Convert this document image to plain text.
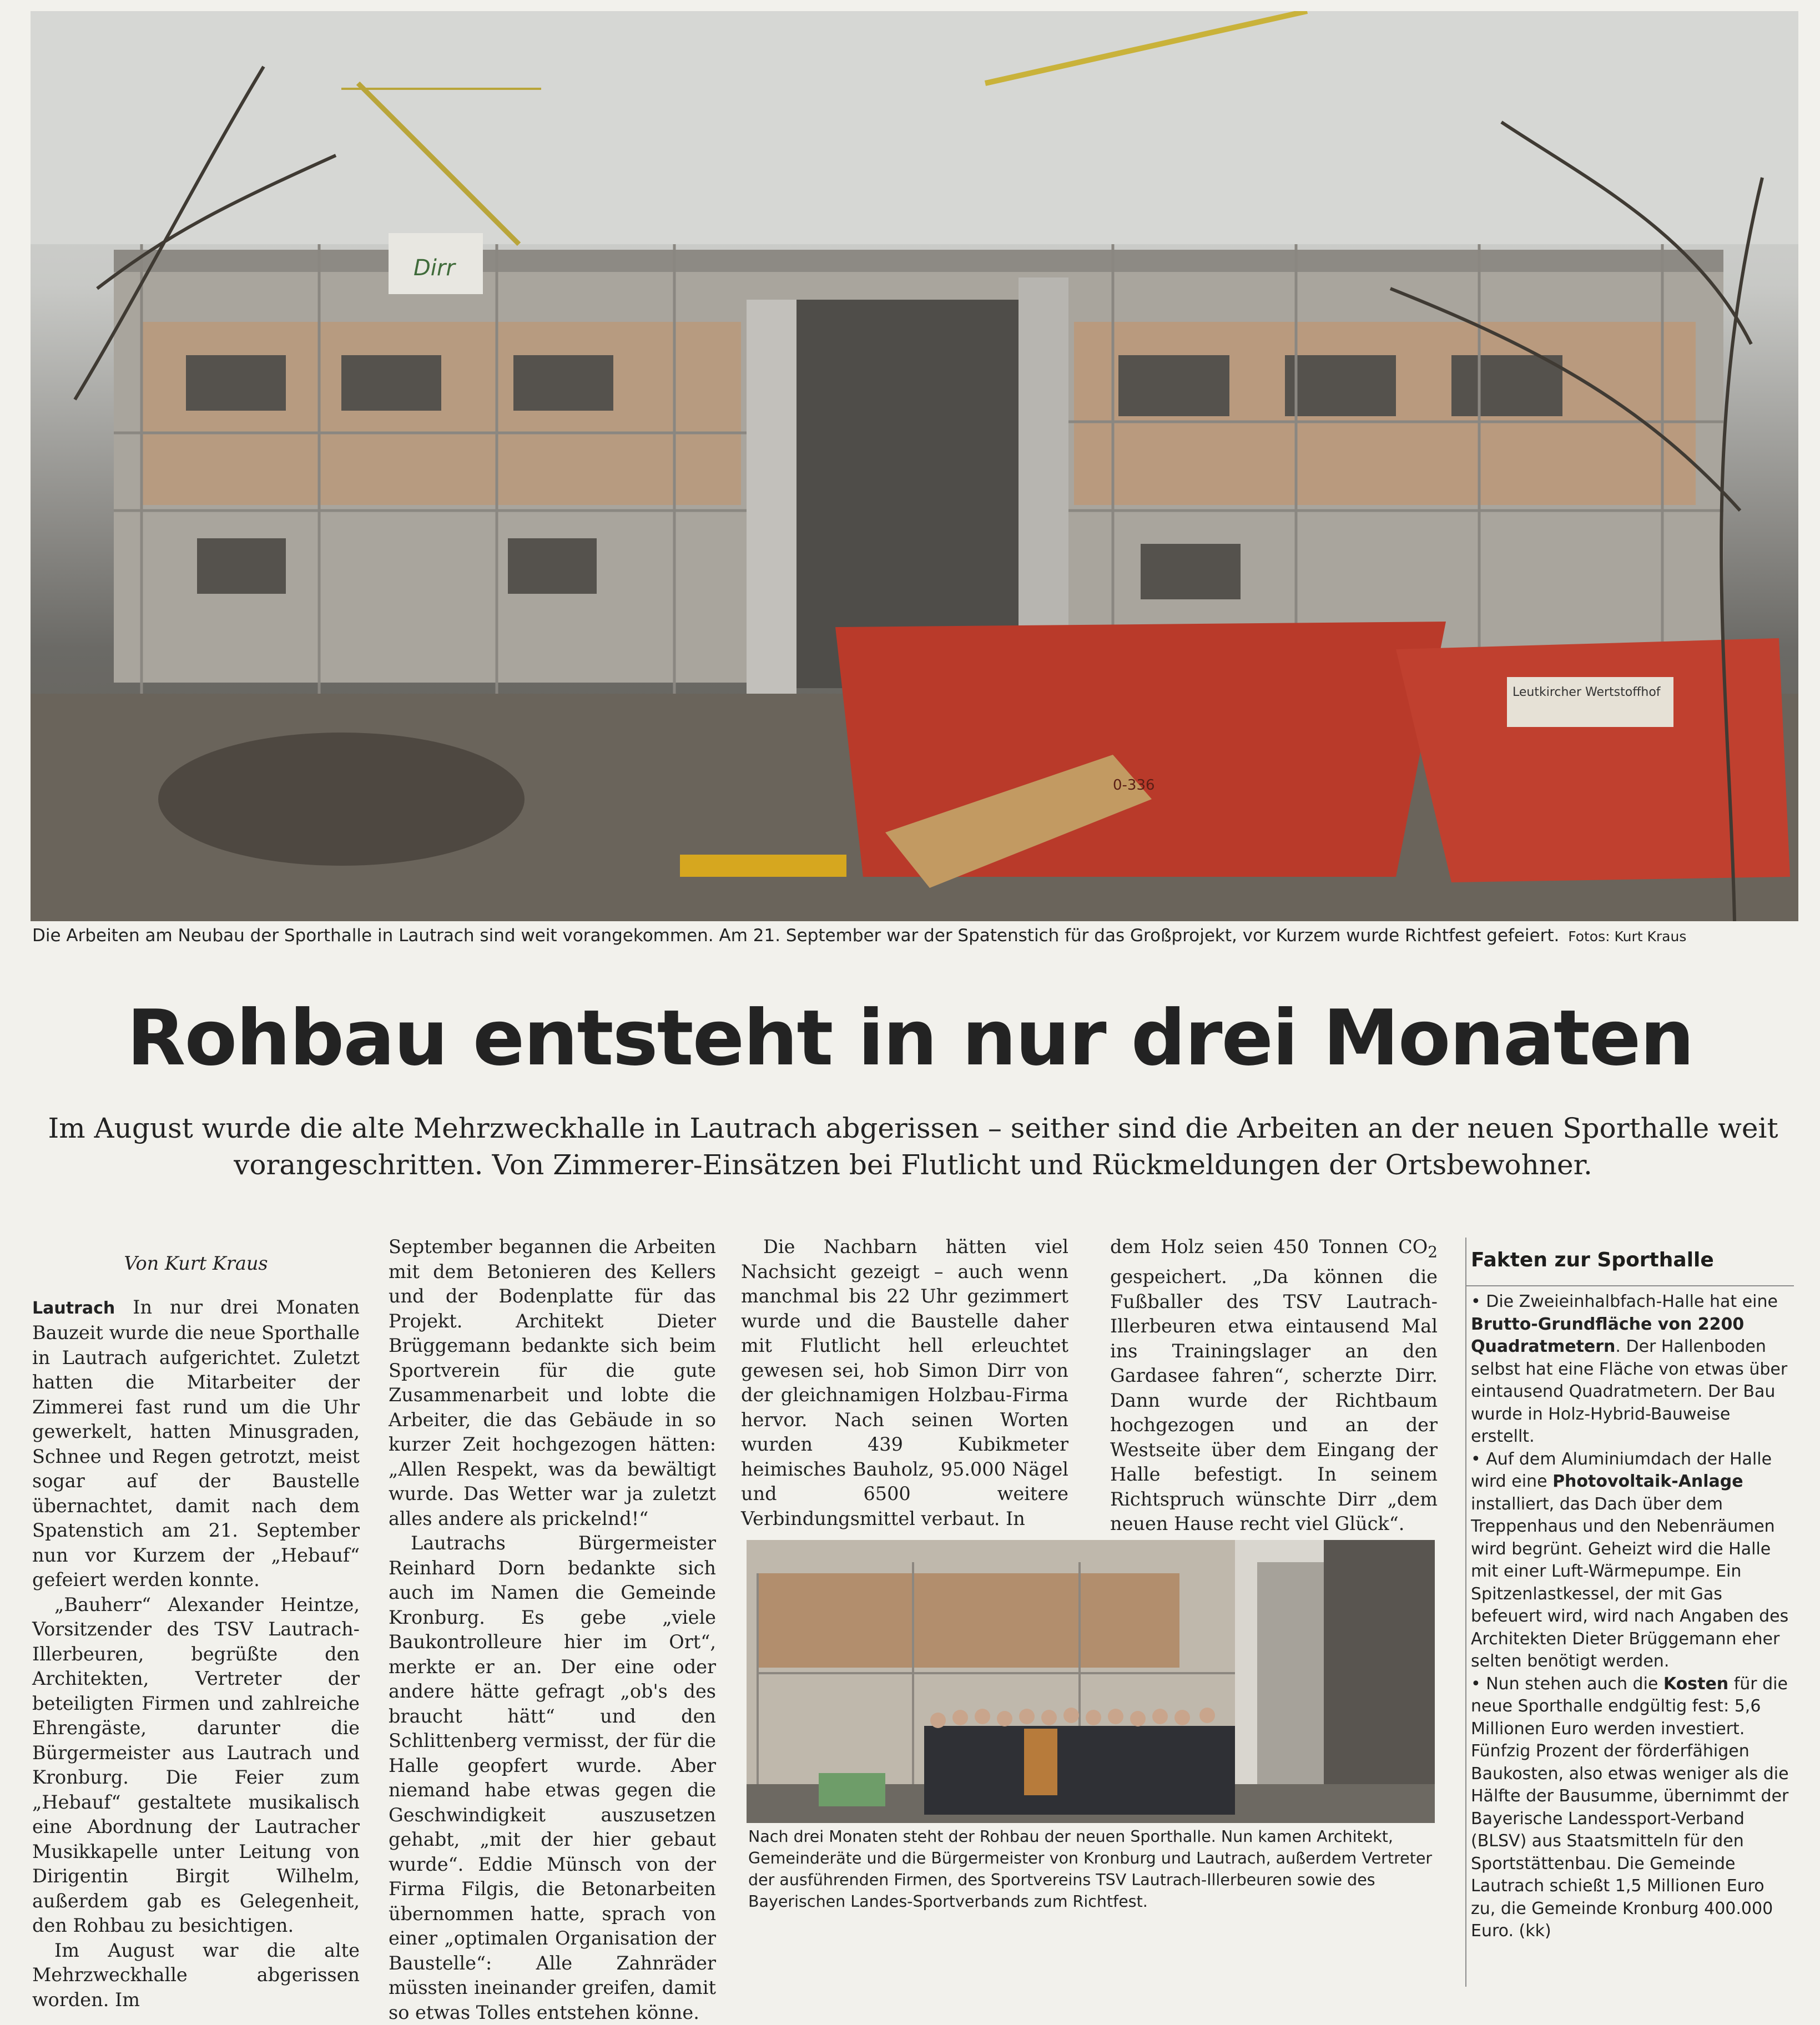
Dirr
Leutkircher Wertstoffhof
0-336
Die Arbeiten am Neubau der Sporthalle in Lautrach sind weit vorangekommen. Am 21. September war der Spatenstich für das Großprojekt, vor Kurzem wurde Richtfest gefeiert. Fotos: Kurt Kraus
Rohbau entsteht in nur drei Monaten
Im August wurde die alte Mehrzweckhalle in Lautrach abgerissen – seither sind die Arbeiten an der neuen Sporthalle weit vorangeschritten. Von Zimmerer-Einsätzen bei Flutlicht und Rückmeldungen der Ortsbewohner.
Von Kurt Kraus

Lautrach In nur drei Monaten Bauzeit wurde die neue Sporthalle in Lautrach aufgerichtet. Zuletzt hatten die Mitarbeiter der Zimmerei fast rund um die Uhr gewerkelt, hatten Minusgraden, Schnee und Regen getrotzt, meist sogar auf der Baustelle übernachtet, damit nach dem Spatenstich am 21. September nun vor Kurzem der „Hebauf“ gefeiert werden konnte.

„Bauherr“ Alexander Heintze, Vorsitzender des TSV Lautrach-Illerbeuren, begrüßte den Architekten, Vertreter der beteiligten Firmen und zahlreiche Ehrengäste, darunter die Bürgermeister aus Lautrach und Kronburg. Die Feier zum „Hebauf“ gestaltete musikalisch eine Abordnung der Lautracher Musikkapelle unter Leitung von Dirigentin Birgit Wilhelm, außerdem gab es Gelegenheit, den Rohbau zu besichtigen.

Im August war die alte Mehrzweckhalle abgerissen worden. Im

September begannen die Arbeiten mit dem Betonieren des Kellers und der Bodenplatte für das Projekt. Architekt Dieter Brüggemann bedankte sich beim Sportverein für die gute Zusammenarbeit und lobte die Arbeiter, die das Gebäude in so kurzer Zeit hochgezogen hätten: „Allen Respekt, was da bewältigt wurde. Das Wetter war ja zuletzt alles andere als prickelnd!“

Lautrachs Bürgermeister Reinhard Dorn bedankte sich auch im Namen die Gemeinde Kronburg. Es gebe „viele Baukontrolleure hier im Ort“, merkte er an. Der eine oder andere hätte gefragt „ob's des braucht hätt“ und den Schlittenberg vermisst, der für die Halle geopfert wurde. Aber niemand habe etwas gegen die Geschwindigkeit auszusetzen gehabt, „mit der hier gebaut wurde“. Eddie Münsch von der Firma Filgis, die Betonarbeiten übernommen hatte, sprach von einer „optimalen Organisation der Baustelle“: Alle Zahnräder müssten ineinander greifen, damit so etwas Tolles entstehen könne.

Die Nachbarn hätten viel Nachsicht gezeigt – auch wenn manchmal bis 22 Uhr gezimmert wurde und die Baustelle daher mit Flutlicht hell erleuchtet gewesen sei, hob Simon Dirr von der gleichnamigen Holzbau-Firma hervor. Nach seinen Worten wurden 439 Kubikmeter heimisches Bauholz, 95.000 Nägel und 6500 weitere Verbindungsmittel verbaut. In

dem Holz seien 450 Tonnen $CO_2$ gespeichert. „Da können die Fußballer des TSV Lautrach-Illerbeuren etwa eintausend Mal ins Trainingslager an den Gardasee fahren“, scherzte Dirr. Dann wurde der Richtbaum hochgezogen und an der Westseite über dem Eingang der Halle befestigt. In seinem Richtspruch wünschte Dirr „dem neuen Hause recht viel Glück“.

Nach drei Monaten steht der Rohbau der neuen Sporthalle. Nun kamen Architekt, Gemeinderäte und die Bürgermeister von Kronburg und Lautrach, außerdem Vertreter der ausführenden Firmen, des Sportvereins TSV Lautrach-Illerbeuren sowie des Bayerischen Landes-Sportverbands zum Richtfest.

Fakten zur Sporthalle

• Die Zweieinhalbfach-Halle hat eine Brutto-Grundfläche von 2200 Quadratmetern. Der Hallenboden selbst hat eine Fläche von etwas über eintausend Quadratmetern. Der Bau wurde in Holz-Hybrid-Bauweise erstellt.

• Auf dem Aluminiumdach der Halle wird eine Photovoltaik-Anlage installiert, das Dach über dem Treppenhaus und den Nebenräumen wird begrünt. Geheizt wird die Halle mit einer Luft-Wärmepumpe. Ein Spitzenlastkessel, der mit Gas befeuert wird, wird nach Angaben des Architekten Dieter Brüggemann eher selten benötigt werden.

• Nun stehen auch die Kosten für die neue Sporthalle endgültig fest: 5,6 Millionen Euro werden investiert. Fünfzig Prozent der förderfähigen Baukosten, also etwas weniger als die Hälfte der Bausumme, übernimmt der Bayerische Landessport-Verband (BLSV) aus Staatsmitteln für den Sportstättenbau. Die Gemeinde Lautrach schießt 1,5 Millionen Euro zu, die Gemeinde Kronburg 400.000 Euro. (kk)
